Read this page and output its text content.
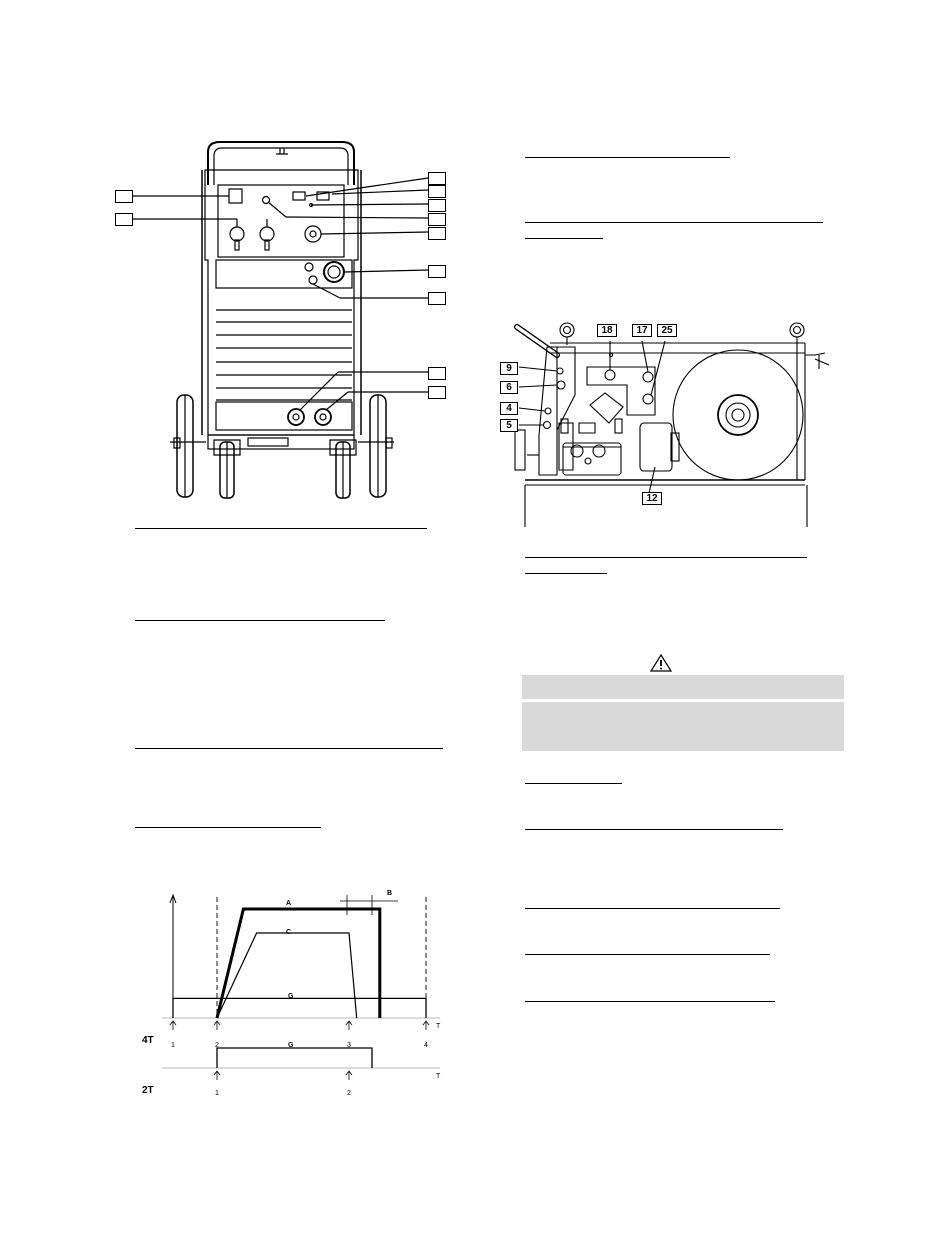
A
B
C
G
G
4T
2T
T
T
1	2	3	4
1	2
18	17	25
9
6
4
5
12
